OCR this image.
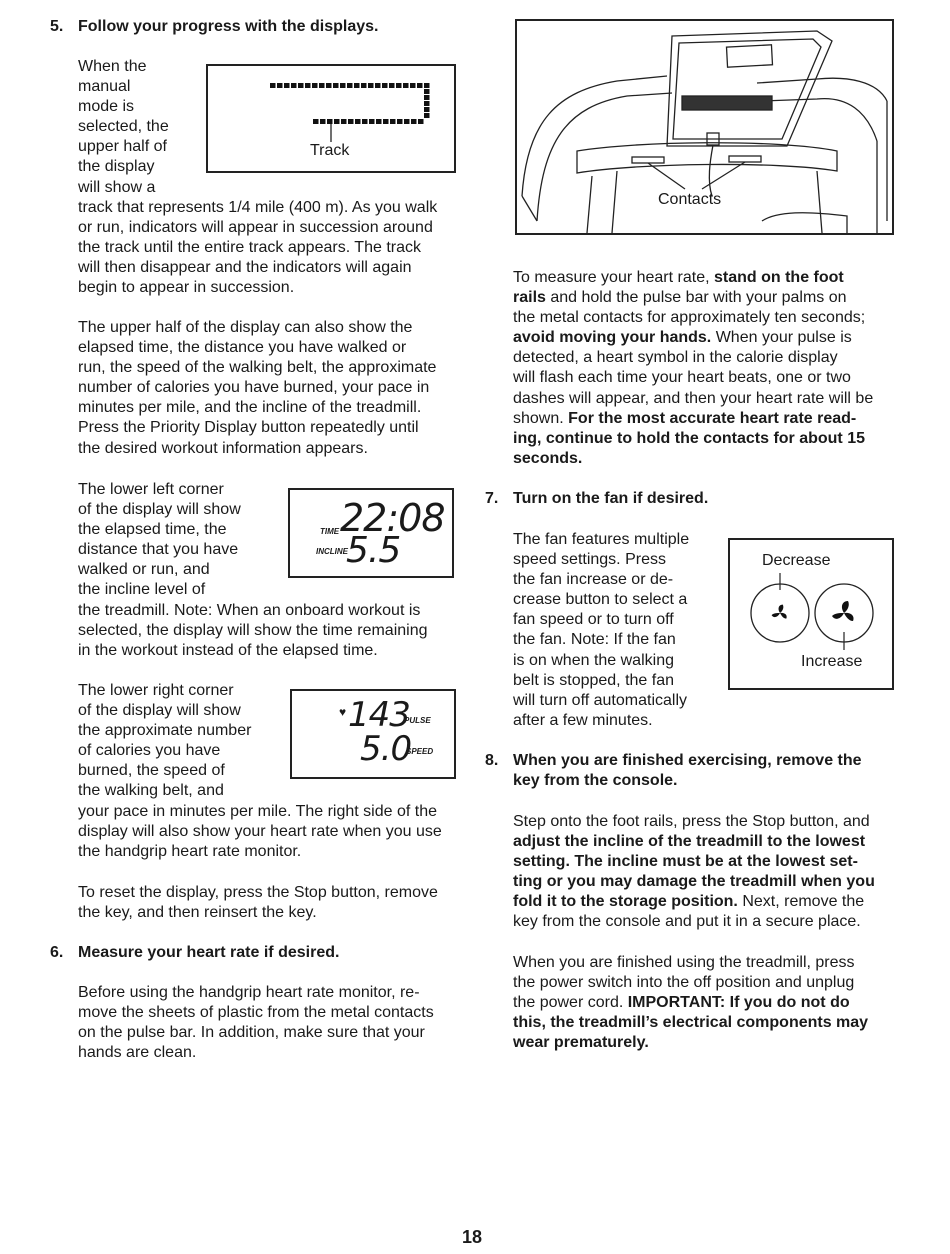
5. Follow your progress with the displays.
6. Measure your heart rate if desired.
7. Turn on the fan if desired.
8. When you are finished exercising, remove the
key from the console.
When the
manual
mode is
selected, the
upper half of
the display
will show a
track that represents 1/4 mile (400 m). As you walk
or run, indicators will appear in succession around
the track until the entire track appears. The track
will then disappear and the indicators will again
begin to appear in succession.
The upper half of the display can also show the
elapsed time, the distance you have walked or
run, the speed of the walking belt, the approximate
number of calories you have burned, your pace in
minutes per mile, and the incline of the treadmill.
Press the Priority Display button repeatedly until
the desired workout information appears.
The lower left corner
of the display will show
the elapsed time, the
distance that you have
walked or run, and
the incline level of
the treadmill. Note: When an onboard workout is
selected, the display will show the time remaining
in the workout instead of the elapsed time.
The lower right corner
of the display will show
the approximate number
of calories you have
burned, the speed of
the walking belt, and
your pace in minutes per mile. The right side of the
display will also show your heart rate when you use
the handgrip heart rate monitor.
To reset the display, press the Stop button, remove
the key, and then reinsert the key.
Before using the handgrip heart rate monitor, re-
move the sheets of plastic from the metal contacts
on the pulse bar. In addition, make sure that your
hands are clean.
To measure your heart rate, stand on the foot
rails and hold the pulse bar with your palms on
the metal contacts for approximately ten seconds;
avoid moving your hands. When your pulse is
detected, a heart symbol in the calorie display
will flash each time your heart beats, one or two
dashes will appear, and then your heart rate will be
shown. For the most accurate heart rate read-
ing, continue to hold the contacts for about 15
seconds.
The fan features multiple
speed settings. Press
the fan increase or de-
crease button to select a
fan speed or to turn off
the fan. Note: If the fan
is on when the walking
belt is stopped, the fan
will turn off automatically
after a few minutes.
Step onto the foot rails, press the Stop button, and
adjust the incline of the treadmill to the lowest
setting. The incline must be at the lowest set-
ting or you may damage the treadmill when you
fold it to the storage position. Next, remove the
key from the console and put it in a secure place.
When you are finished using the treadmill, press
the power switch into the off position and unplug
the power cord. IMPORTANT: If you do not do
this, the treadmill’s electrical components may
wear prematurely.
Track
TIME 22:08
INCLINE
5.5
♥ 143
PULSE
5.0
SPEED
Contacts
Decrease
Increase
18
